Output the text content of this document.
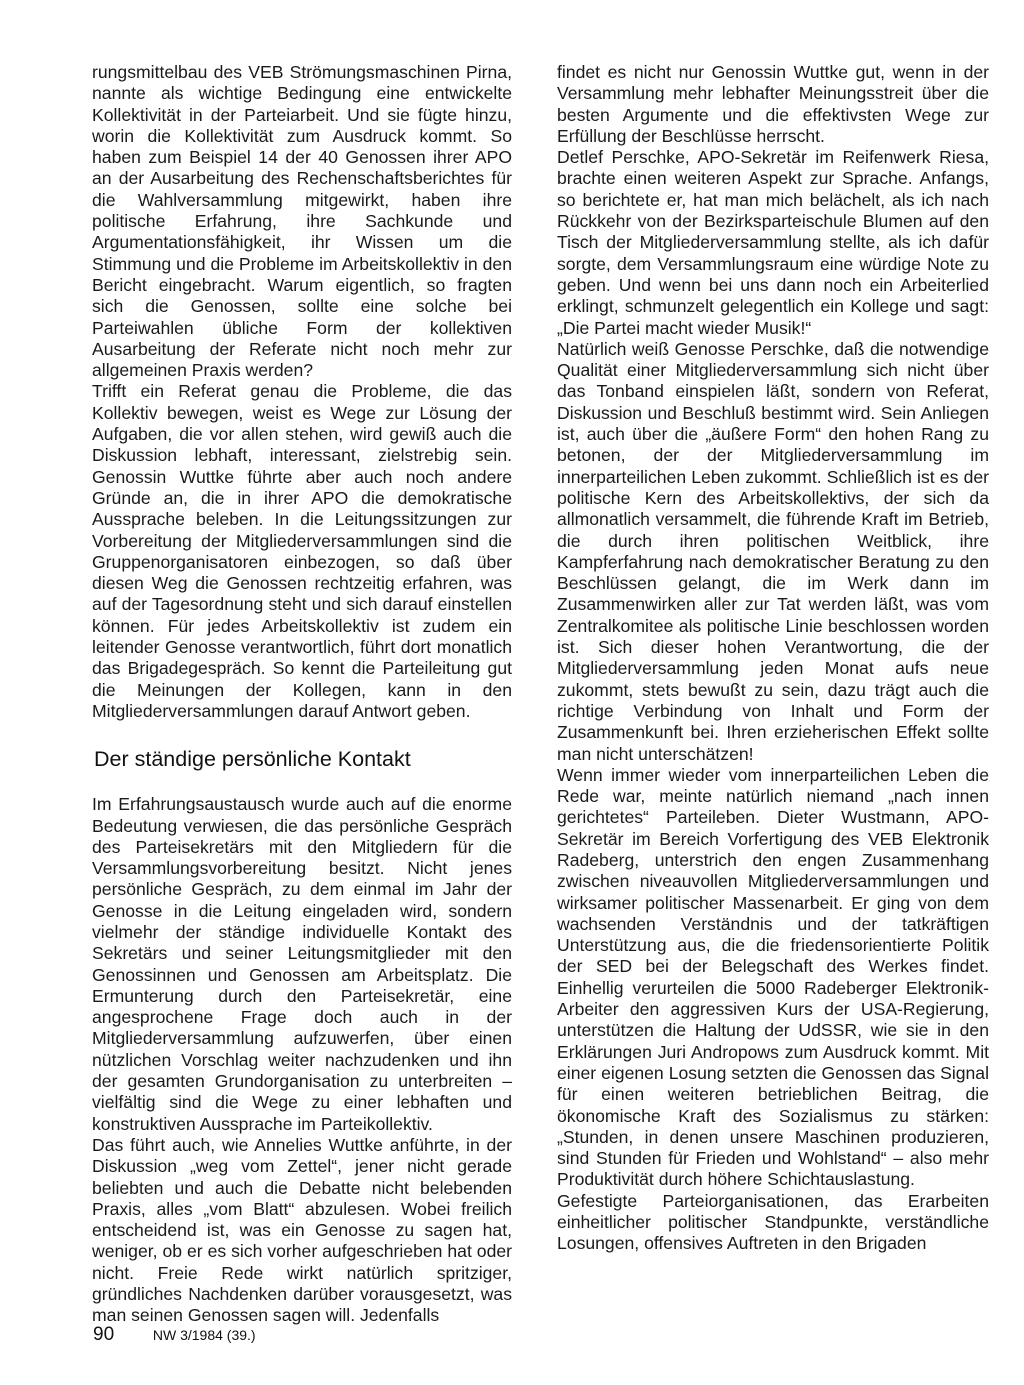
rungsmittelbau des VEB Strömungsmaschinen Pirna, nannte als wichtige Bedingung eine entwickelte Kollektivität in der Parteiarbeit. Und sie fügte hinzu, worin die Kollektivität zum Ausdruck kommt. So haben zum Beispiel 14 der 40 Genossen ihrer APO an der Ausarbeitung des Rechenschaftsberichtes für die Wahlversammlung mitgewirkt, haben ihre politische Erfahrung, ihre Sachkunde und Argumentationsfähigkeit, ihr Wissen um die Stimmung und die Probleme im Arbeitskollektiv in den Bericht eingebracht. Warum eigentlich, so fragten sich die Genossen, sollte eine solche bei Parteiwahlen übliche Form der kollektiven Ausarbeitung der Referate nicht noch mehr zur allgemeinen Praxis werden?

Trifft ein Referat genau die Probleme, die das Kollektiv bewegen, weist es Wege zur Lösung der Aufgaben, die vor allen stehen, wird gewiß auch die Diskussion lebhaft, interessant, zielstrebig sein. Genossin Wuttke führte aber auch noch andere Gründe an, die in ihrer APO die demokratische Aussprache beleben. In die Leitungssitzungen zur Vorbereitung der Mitgliederversammlungen sind die Gruppenorganisatoren einbezogen, so daß über diesen Weg die Genossen rechtzeitig erfahren, was auf der Tagesordnung steht und sich darauf einstellen können. Für jedes Arbeitskollektiv ist zudem ein leitender Genosse verantwortlich, führt dort monatlich das Brigadegespräch. So kennt die Parteileitung gut die Meinungen der Kollegen, kann in den Mitgliederversammlungen darauf Antwort geben.

Der ständige persönliche Kontakt

Im Erfahrungsaustausch wurde auch auf die enorme Bedeutung verwiesen, die das persönliche Gespräch des Parteisekretärs mit den Mitgliedern für die Versammlungsvorbereitung besitzt. Nicht jenes persönliche Gespräch, zu dem einmal im Jahr der Genosse in die Leitung eingeladen wird, sondern vielmehr der ständige individuelle Kontakt des Sekretärs und seiner Leitungsmitglieder mit den Genossinnen und Genossen am Arbeitsplatz. Die Ermunterung durch den Parteisekretär, eine angesprochene Frage doch auch in der Mitgliederversammlung aufzuwerfen, über einen nützlichen Vorschlag weiter nachzudenken und ihn der gesamten Grundorganisation zu unterbreiten – vielfältig sind die Wege zu einer lebhaften und konstruktiven Aussprache im Parteikollektiv.

Das führt auch, wie Annelies Wuttke anführte, in der Diskussion „weg vom Zettel“, jener nicht gerade beliebten und auch die Debatte nicht belebenden Praxis, alles „vom Blatt“ abzulesen. Wobei freilich entscheidend ist, was ein Genosse zu sagen hat, weniger, ob er es sich vorher aufgeschrieben hat oder nicht. Freie Rede wirkt natürlich spritziger, gründliches Nachdenken darüber vorausgesetzt, was man seinen Genossen sagen will. Jedenfalls

findet es nicht nur Genossin Wuttke gut, wenn in der Versammlung mehr lebhafter Meinungsstreit über die besten Argumente und die effektivsten Wege zur Erfüllung der Beschlüsse herrscht.

Detlef Perschke, APO-Sekretär im Reifenwerk Riesa, brachte einen weiteren Aspekt zur Sprache. Anfangs, so berichtete er, hat man mich belächelt, als ich nach Rückkehr von der Bezirksparteischule Blumen auf den Tisch der Mitgliederversammlung stellte, als ich dafür sorgte, dem Versammlungsraum eine würdige Note zu geben. Und wenn bei uns dann noch ein Arbeiterlied erklingt, schmunzelt gelegentlich ein Kollege und sagt: „Die Partei macht wieder Musik!“

Natürlich weiß Genosse Perschke, daß die notwendige Qualität einer Mitgliederversammlung sich nicht über das Tonband einspielen läßt, sondern von Referat, Diskussion und Beschluß bestimmt wird. Sein Anliegen ist, auch über die „äußere Form“ den hohen Rang zu betonen, der der Mitgliederversammlung im innerparteilichen Leben zukommt. Schließlich ist es der politische Kern des Arbeitskollektivs, der sich da allmonatlich versammelt, die führende Kraft im Betrieb, die durch ihren politischen Weitblick, ihre Kampferfahrung nach demokratischer Beratung zu den Beschlüssen gelangt, die im Werk dann im Zusammenwirken aller zur Tat werden läßt, was vom Zentralkomitee als politische Linie beschlossen worden ist. Sich dieser hohen Verantwortung, die der Mitgliederversammlung jeden Monat aufs neue zukommt, stets bewußt zu sein, dazu trägt auch die richtige Verbindung von Inhalt und Form der Zusammenkunft bei. Ihren erzieherischen Effekt sollte man nicht unterschätzen!

Wenn immer wieder vom innerparteilichen Leben die Rede war, meinte natürlich niemand „nach innen gerichtetes“ Parteileben. Dieter Wustmann, APO-Sekretär im Bereich Vorfertigung des VEB Elektronik Radeberg, unterstrich den engen Zusammenhang zwischen niveauvollen Mitgliederversammlungen und wirksamer politischer Massenarbeit. Er ging von dem wachsenden Verständnis und der tatkräftigen Unterstützung aus, die die friedensorientierte Politik der SED bei der Belegschaft des Werkes findet. Einhellig verurteilen die 5000 Radeberger Elektronik-Arbeiter den aggressiven Kurs der USA-Regierung, unterstützen die Haltung der UdSSR, wie sie in den Erklärungen Juri Andropows zum Ausdruck kommt. Mit einer eigenen Losung setzten die Genossen das Signal für einen weiteren betrieblichen Beitrag, die ökonomische Kraft des Sozialismus zu stärken: „Stunden, in denen unsere Maschinen produzieren, sind Stunden für Frieden und Wohlstand“ – also mehr Produktivität durch höhere Schichtauslastung.

Gefestigte Parteiorganisationen, das Erarbeiten einheitlicher politischer Standpunkte, verständliche Losungen, offensives Auftreten in den Brigaden

90	NW 3/1984 (39.)
